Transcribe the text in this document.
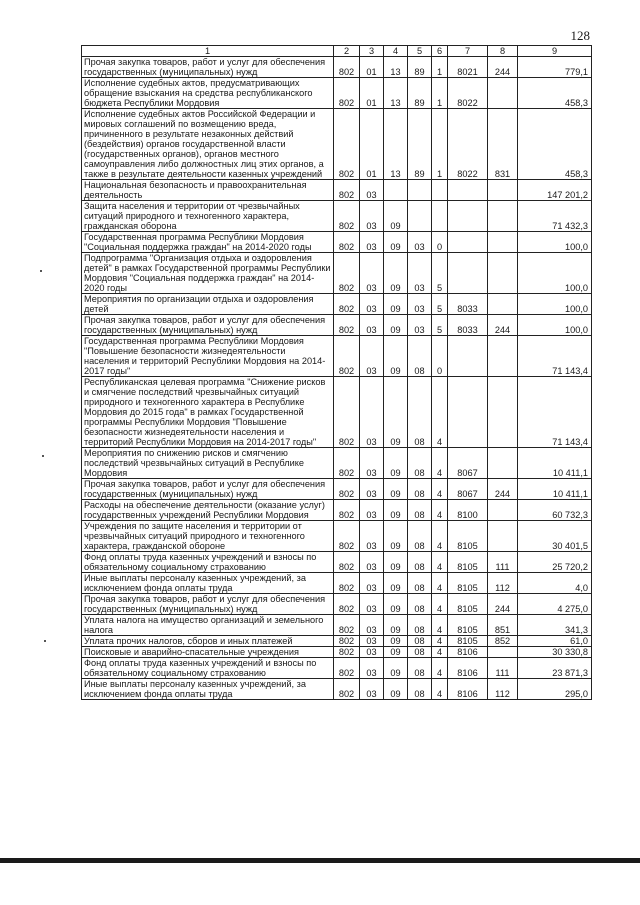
128
1	2	3	4	5	6	7	8	9
Прочая закупка товаров, работ и услуг для обеспечения государственных (муниципальных) нужд	802	01	13	89	1	8021	244	779,1
Исполнение судебных актов, предусматривающих обращение взыскания на средства республиканского бюджета Республики Мордовия	802	01	13	89	1	8022		458,3
Исполнение судебных актов Российской Федерации и мировых соглашений по возмещению вреда, причиненного в результате незаконных действий (бездействия) органов государственной власти (государственных органов), органов местного самоуправления либо должностных лиц этих органов, а также в результате деятельности казенных учреждений	802	01	13	89	1	8022	831	458,3
Национальная безопасность и правоохранительная деятельность	802	03						147 201,2
Защита населения и территории от чрезвычайных ситуаций природного и техногенного характера, гражданская оборона	802	03	09					71 432,3
Государственная программа Республики Мордовия "Социальная поддержка граждан" на 2014-2020 годы	802	03	09	03	0			100,0
Подпрограмма "Организация отдыха и оздоровления детей" в рамках Государственной программы Республики Мордовия "Социальная поддержка граждан" на 2014-2020 годы	802	03	09	03	5			100,0
Мероприятия по организации отдыха и оздоровления детей	802	03	09	03	5	8033		100,0
Прочая закупка товаров, работ и услуг для обеспечения государственных (муниципальных) нужд	802	03	09	03	5	8033	244	100,0
Государственная программа Республики Мордовия "Повышение безопасности жизнедеятельности населения и территорий Республики Мордовия на 2014-2017 годы"	802	03	09	08	0			71 143,4
Республиканская целевая программа "Снижение рисков и смягчение последствий чрезвычайных ситуаций природного и техногенного характера в Республике Мордовия до 2015 года" в рамках Государственной программы Республики Мордовия "Повышение безопасности жизнедеятельности населения и территорий Республики Мордовия на 2014-2017 годы"	802	03	09	08	4			71 143,4
Мероприятия по снижению рисков и смягчению последствий чрезвычайных ситуаций в Республике Мордовия	802	03	09	08	4	8067		10 411,1
Прочая закупка товаров, работ и услуг для обеспечения государственных (муниципальных) нужд	802	03	09	08	4	8067	244	10 411,1
Расходы на обеспечение деятельности (оказание услуг) государственных учреждений Республики Мордовия	802	03	09	08	4	8100		60 732,3
Учреждения по защите населения и территории от чрезвычайных ситуаций природного и техногенного характера, гражданской обороне	802	03	09	08	4	8105		30 401,5
Фонд оплаты труда казенных учреждений и взносы по обязательному социальному страхованию	802	03	09	08	4	8105	111	25 720,2
Иные выплаты персоналу казенных учреждений, за исключением фонда оплаты труда	802	03	09	08	4	8105	112	4,0
Прочая закупка товаров, работ и услуг для обеспечения государственных (муниципальных) нужд	802	03	09	08	4	8105	244	4 275,0
Уплата налога на имущество организаций и земельного налога	802	03	09	08	4	8105	851	341,3
Уплата прочих налогов, сборов и иных платежей	802	03	09	08	4	8105	852	61,0
Поисковые и аварийно-спасательные учреждения	802	03	09	08	4	8106		30 330,8
Фонд оплаты труда казенных учреждений и взносы по обязательному социальному страхованию	802	03	09	08	4	8106	111	23 871,3
Иные выплаты персоналу казенных учреждений, за исключением фонда оплаты труда	802	03	09	08	4	8106	112	295,0
